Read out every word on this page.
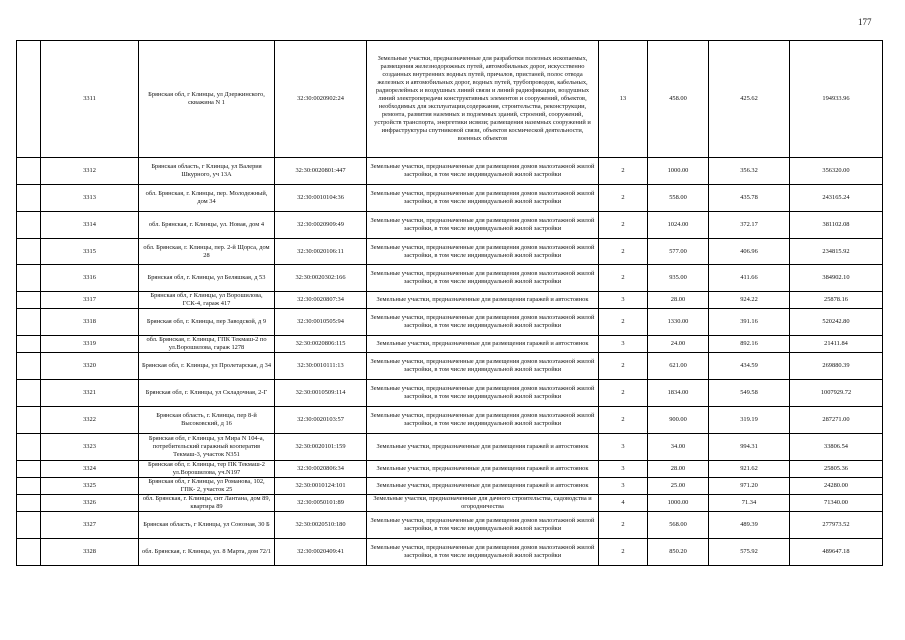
177
	3311	Брянская обл, г Клинцы, ул Дзержинского, скважина N 1	32:30:0020902:24	Земельные участки, предназначенные для разработки полезных ископаемых, размещения железнодорожных путей, автомобильных дорог, искусственно созданных внутренних водных путей, причалов, пристаней, полос отвода железных и автомобильных дорог, водных путей, трубопроводов, кабельных, радиорелейных и воздушных линий связи и линий радиофикации, воздушных линий электропередачи конструктивных элементов и сооружений, объектов, необходимых для эксплуатации,содержания, строительства, реконструкции, ремонта, развития наземных и подземных зданий, строений, сооружений, устройств транспорта, энергетики исвязи; размещения наземных сооружений и инфраструктуры спутниковой связи, объектов космической деятельности, военных объектов	13	458.00	425.62	194933.96
	3312	Брянская область, г Клинцы, ул Валерия Шкурного, уч 13А	32:30:0020801:447	Земельные участки, предназначенные для размещения домов малоэтажной жилой застройки, в том числе индивидуальной жилой застройки	2	1000.00	356.32	356320.00
	3313	обл. Брянская, г. Клинцы, пер. Молодежный, дом 34	32:30:0010104:36	Земельные участки, предназначенные для размещения домов малоэтажной жилой застройки, в том числе индивидуальной жилой застройки	2	558.00	435.78	243165.24
	3314	обл. Брянская, г. Клинцы, ул. Новая, дом 4	32:30:0020909:49	Земельные участки, предназначенные для размещения домов малоэтажной жилой застройки, в том числе индивидуальной жилой застройки	2	1024.00	372.17	381102.08
	3315	обл. Брянская, г. Клинцы, пер. 2-й Щорса, дом 28	32:30:0020106:11	Земельные участки, предназначенные для размещения домов малоэтажной жилой застройки, в том числе индивидуальной жилой застройки	2	577.00	406.96	234815.92
	3316	Брянская обл, г. Клинцы, ул Беляшкая, д 53	32:30:0020302:166	Земельные участки, предназначенные для размещения домов малоэтажной жилой застройки, в том числе индивидуальной жилой застройки	2	935.00	411.66	384902.10
	3317	Брянская обл, г Клинцы, ул Ворошилова, ГСК-4, гараж 417	32:30:0020807:34	Земельные участки, предназначенные для размещения гаражей и автостоянок	3	28.00	924.22	25878.16
	3318	Брянская обл, г. Клинцы, пер Заводской, д 9	32:30:0010505:94	Земельные участки, предназначенные для размещения домов малоэтажной жилой застройки, в том числе индивидуальной жилой застройки	2	1330.00	391.16	520242.80
	3319	обл. Брянская, г. Клинцы, ГПК Текмаш-2 по ул.Ворошилова, гараж 1278	32:30:0020806:115	Земельные участки, предназначенные для размещения гаражей и автостоянок	3	24.00	892.16	21411.84
	3320	Брянская обл, г. Клинцы, ул Пролетарская, д 34	32:30:0010111:13	Земельные участки, предназначенные для размещения домов малоэтажной жилой застройки, в том числе индивидуальной жилой застройки	2	621.00	434.59	269880.39
	3321	Брянская обл, г. Клинцы, ул Складочная, 2-Г	32:30:0010509:114	Земельные участки, предназначенные для размещения домов малоэтажной жилой застройки, в том числе индивидуальной жилой застройки	2	1834.00	549.58	1007929.72
	3322	Брянская область, г. Клинцы, пер 8-й Высоковский, д 16	32:30:0020103:57	Земельные участки, предназначенные для размещения домов малоэтажной жилой застройки, в том числе индивидуальной жилой застройки	2	900.00	319.19	287271.00
	3323	Брянская обл, г Клинцы, ул Мира N 104-а, потребительский гаражный кооператив Текмаш-3, участок N351	32:30:0020101:159	Земельные участки, предназначенные для размещения гаражей и автостоянок	3	34.00	994.31	33806.54
	3324	Брянская обл, г. Клинцы, тер ПК Текмаш-2 ул.Ворошилова, уч.N197	32:30:0020806:34	Земельные участки, предназначенные для размещения гаражей и автостоянок	3	28.00	921.62	25805.36
	3325	Брянская обл, г Клинцы, ул Романова, 102, ГПК- 2, участок 25	32:30:0010124:101	Земельные участки, предназначенные для размещения гаражей и автостоянок	3	25.00	971.20	24280.00
	3326	обл. Брянская, г. Клинцы, снт Лантана, дом 89, квартира 89	32:30:0050101:89	Земельные участки, предназначенные для дачного строительства, садоводства и огородничества	4	1000.00	71.34	71340.00
	3327	Брянская область, г Клинцы, ул Союзная, 30 Б	32:30:0020510:180	Земельные участки, предназначенные для размещения домов малоэтажной жилой застройки, в том числе индивидуальной жилой застройки	2	568.00	489.39	277973.52
	3328	обл. Брянская, г. Клинцы, ул. 8 Марта, дом 72/1	32:30:0020409:41	Земельные участки, предназначенные для размещения домов малоэтажной жилой застройки, в том числе индивидуальной жилой застройки	2	850.20	575.92	489647.18
